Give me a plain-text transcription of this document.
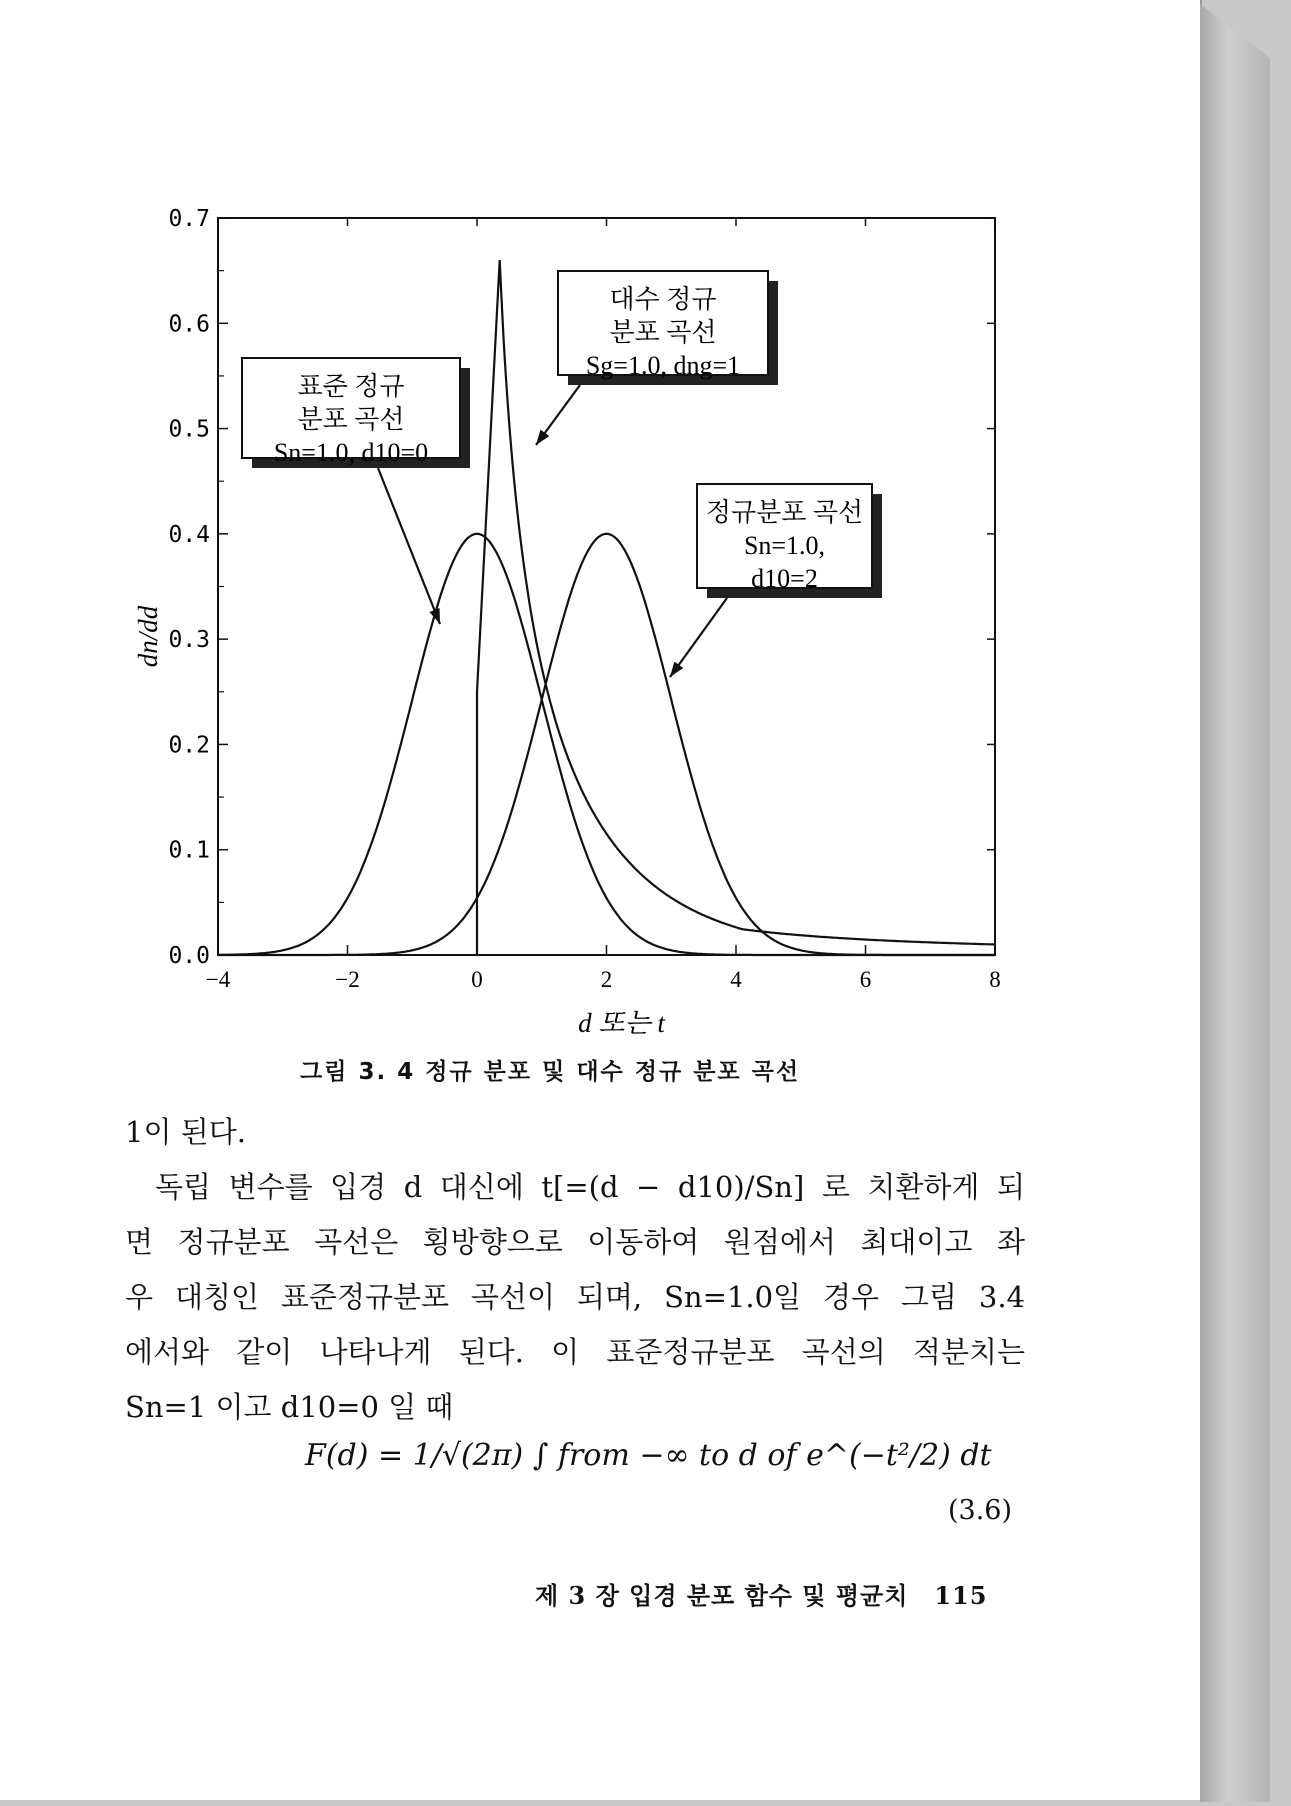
0.0
0.1
0.2
0.3
0.4
0.5
0.6
0.7
−4	−2	0	2	4	6	8
d 또는 t
dn/dd
표준 정규
분포 곡선
Sn=1.0, d10=0
대수 정규
분포 곡선
Sg=1.0, dng=1
정규분포 곡선
Sn=1.0,
d10=2
그림 3. 4 정규 분포 및 대수 정규 분포 곡선

1이 된다.

독립 변수를 입경 d 대신에 t[=(d − d10)/Sn] 로 치환하게 되

면 정규분포 곡선은 횡방향으로 이동하여 원점에서 최대이고 좌

우 대칭인 표준정규분포 곡선이 되며, Sn=1.0일 경우 그림 3.4

에서와 같이 나타나게 된다. 이 표준정규분포 곡선의 적분치는

Sn=1 이고 d10=0 일 때

F(d) = 1/√(2π) ∫ from −∞ to d of e^(−t²/2) dt
(3.6)
제 3 장 입경 분포 함수 및 평균치 115
